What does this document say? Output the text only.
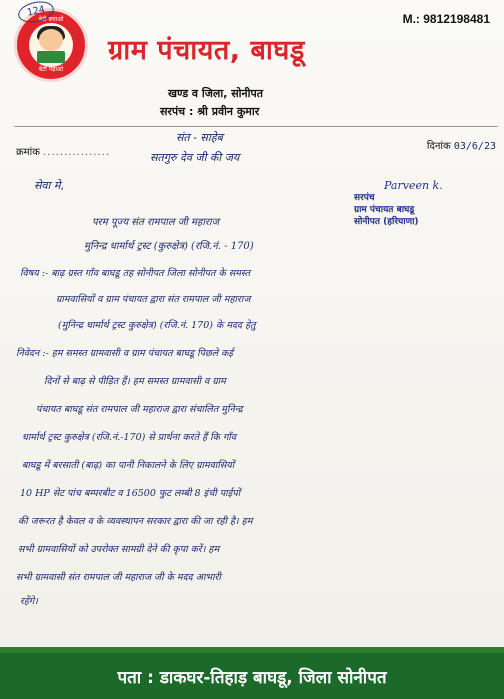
बेटी बचाओ
बेटी पढ़ाओ
124
M.: 9812198481
ग्राम पंचायत, बाघडू
खण्ड व जिला, सोनीपत
सरपंच : श्री प्रवीन कुमार
क्रमांक ................
दिनांक 03/6/23
संत - साहेब
सतगुरु देव जी की जय
सेवा मे,	Parveen k.
सरपंच
ग्राम पंचायत बाघडू
सोनीपत (हरियाणा)
परम पूज्य संत रामपाल जी महाराज
मुनिन्द्र धार्मार्थ ट्रस्ट (कुरुक्षेत्र) (रजि.नं. - 170)
विषय :- बाढ़ ग्रस्त गाँव बाघडू तह सोनीपत जिला सोनीपत के समस्त
ग्रामवासियों व ग्राम पंचायत द्वारा संत रामपाल जी महाराज
(मुनिन्द्र धार्मार्थ ट्रस्ट कुरुक्षेत्र) (रजि.नं. 170) के मदद हेतु
निवेदन :- हम समस्त ग्रामवासी व ग्राम पंचायत बाघडू पिछले कई
दिनों से बाढ़ से पीड़ित हैं। हम समस्त ग्रामवासी व ग्राम
पंचायत बाघडू संत रामपाल जी महाराज द्वारा संचालित मुनिन्द्र
धार्मार्थ ट्रस्ट कुरुक्षेत्र (रजि.नं.-170) से प्रार्थना करते हैं कि गाँव
बाघडू में बरसाती (बाढ़) का पानी निकालने के लिए ग्रामवासियों
10 HP सेट पांच बम्परबीट व 16500 फुट लम्बी 8 इंची पाईपों
की जरूरत है केवल व के व्यवस्थापन सरकार द्वारा की जा रही है। हम
सभी ग्रामवासियों को उपरोक्त सामग्री देने की कृपा करें। हम
सभी ग्रामवासी संत रामपाल जी महाराज जी के मदद आभारी
रहेंगे।
पता : डाकघर-तिहाड़ बाघडू, जिला सोनीपत
